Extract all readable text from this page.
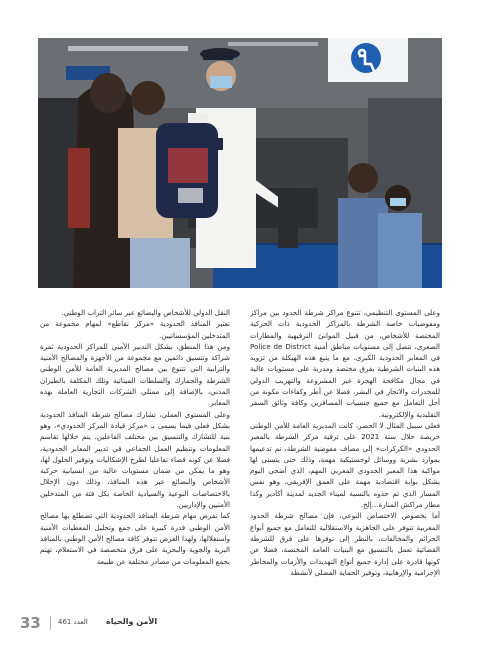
وعلى المستوى التنظيمي، تتنوع مراكز شرطة الحدود بين مراكز ومفوضيات خاصة الشرطة بالمراكز الحدودية ذات الحركية المختصة للأشخاص، من قبيل الموانئ الترفيهية والمطارات الصغرى، تتصل إلى مستويات مناطق أمنية Police de District في المعابر الحدودية الكبرى، مع ما يتبع هذه الهيكلة من تزويد هذه البنيات الشرطية بفرق مختصة ومدربة على مستويات عالية في مجال مكافحة الهجرة غير المشروعة والتهريب الدولي للمخدرات والاتجار في البشر، فضلا عن أطر وكفاءات مكونة من أجل التعامل مع جميع جنسيات المسافرين وكافة وثائق السفر التقليدية والإلكترونية.

فعلى سبيل المثال لا الحصر، كانت المديرية العامة للأمن الوطني حريصة خلال سنة 2021 على ترقية مركز الشرطة بالمعبر الحدودي «الكركرات» إلى مصاف مفوضية الشرطة، تم تدعيمها بموارد بشرية ووسائل لوجستيكية مهمة، وذلك حتى يتسنى لها مواكبة هذا المعبر الحدودي المغربي المهم، الذي أضحى اليوم يشكل بوابة اقتصادية مهمة على العمق الإفريقي، وهو نفس المسار الذي تم حذوه بالنسبة لميناء الجديد لمدينة أكادير وكذا مطار مراكش المنارة...إلخ.

أما بخصوص الاختصاص النوعي، فإن مصالح شرطة الحدود المغربية تتوفر على الجاهزية والاستقلالية للتعامل مع جميع أنواع الجرائم والمخالفات، بالنظر إلى توفرها على فرق للشرطة القضائية تعمل بالتنسيق مع البنيات العامة المختصة، فضلا عن كونها قادرة على إدارة جميع أنواع التهديدات والأزمات والمخاطر الإجرامية والإرهابية، وتوفير الحماية الفضلى لأنشطة

النقل الدولي للأشخاص والبضائع عبر سائر التراب الوطني.

تعتبر المنافذ الحدودية «مركز تقاطع» لمهام مجموعة من المتدخلين المؤسساتيين.

ومن هذا المنطق، يشكل التدبير الأمني للمراكز الحدودية ثمرة شراكة وتنسيق دائمين مع مجموعة من الأجهزة والمصالح الأمنية والترابية التي تتنوع بين مصالح المديرية العامة للأمن الوطني الشرطة والجمارك والسلطات الميناثية وتلك المكلفة بالطيران المدني، بالإضافة إلى ممثلي الشركات التجارية العاملة بهذه المعابر.

وعلى المستوى العملي، تشارك مصالح شرطة المنافذ الحدودية بشكل فعلي فيما يسمى بـ «مركز قيادة المركز الحدودي»، وهو بنية للتشارك والتنسيق بين مختلف الفاعلين، يتم خلالها تقاسم المعلومات وتنظيم العمل الجماعي في تدبير المعابر الحدودية، فضلا عن كونه فضاء تفاعليا لطرح الإشكاليات وتوفير الحلول لها، وهو ما يمكن من ضمان مستويات عالية من انسيابية حركية الأشخاص والبضائع عبر هذه المنافذ، وذلك دون الإخلال بالاختصاصات النوعية والسيادية الخاصة بكل فئة من المتدخلين الأمنيين والإداريين.

كما تفرض مهام شرطة المنافذ الحدودية التي تضطلع بها مصالح الأمن الوطني قدرة كبيرة على جمع وتحليل المعطيات الأمنية واستغلالها، ولهذا الغرض تتوفر كافة مصالح الأمن الوطني بالمنافذ البرية والجوية والبحرية على فرق متخصصة في الاستعلام، تهتم بجمع المعلومات من مصادر مختلفة عن طبيعة

33 العدد 461 الأمن والحياة
